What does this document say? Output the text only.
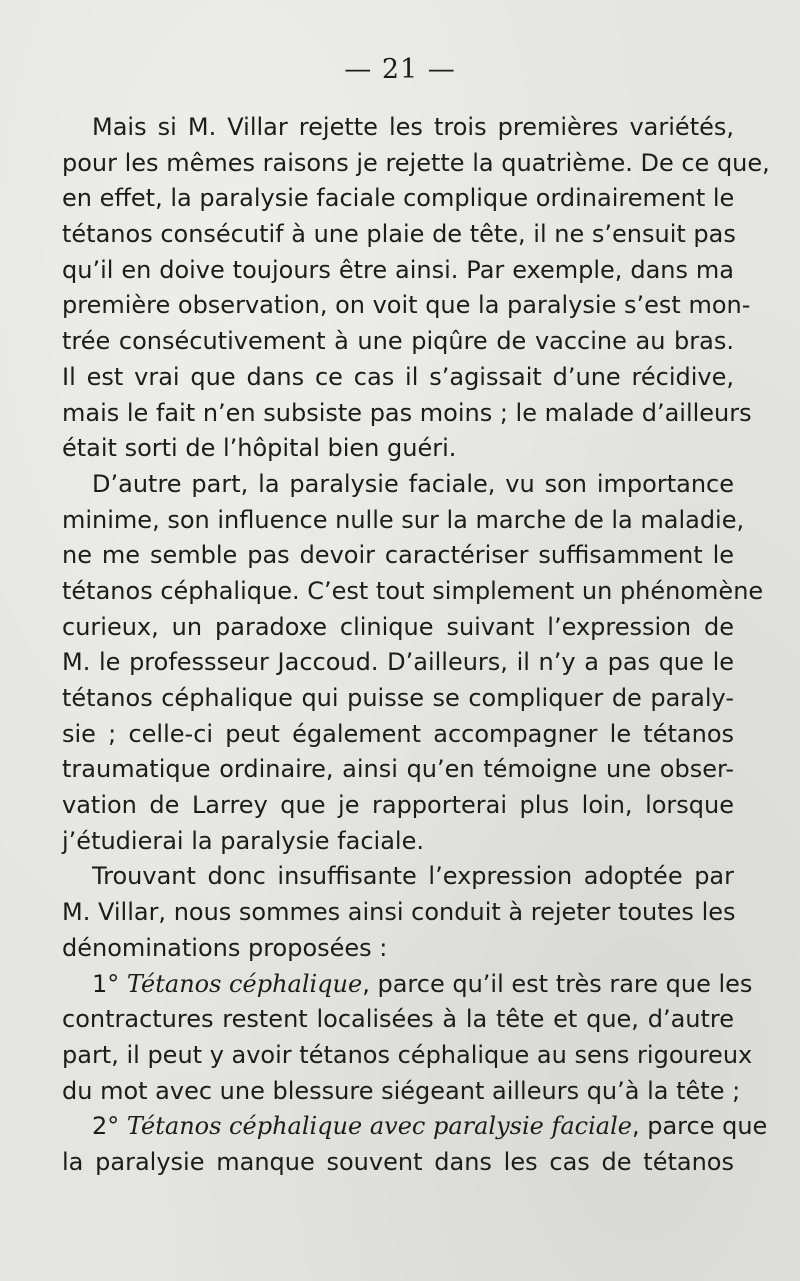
— 21 —
Mais si M. Villar rejette les trois premières variétés,
pour les mêmes raisons je rejette la quatrième. De ce que,
en effet, la paralysie faciale complique ordinairement le
tétanos consécutif à une plaie de tête, il ne s’ensuit pas
qu’il en doive toujours être ainsi. Par exemple, dans ma
première observation, on voit que la paralysie s’est mon-
trée consécutivement à une piqûre de vaccine au bras.
Il est vrai que dans ce cas il s’agissait d’une récidive,
mais le fait n’en subsiste pas moins ; le malade d’ailleurs
était sorti de l’hôpital bien guéri.
D’autre part, la paralysie faciale, vu son importance
minime, son influence nulle sur la marche de la maladie,
ne me semble pas devoir caractériser suffisamment le
tétanos céphalique. C’est tout simplement un phénomène
curieux, un paradoxe clinique suivant l’expression de
M. le professseur Jaccoud. D’ailleurs, il n’y a pas que le
tétanos céphalique qui puisse se compliquer de paraly-
sie ; celle-ci peut également accompagner le tétanos
traumatique ordinaire, ainsi qu’en témoigne une obser-
vation de Larrey que je rapporterai plus loin, lorsque
j’étudierai la paralysie faciale.
Trouvant donc insuffisante l’expression adoptée par
M. Villar, nous sommes ainsi conduit à rejeter toutes les
dénominations proposées :
1° Tétanos céphalique, parce qu’il est très rare que les
contractures restent localisées à la tête et que, d’autre
part, il peut y avoir tétanos céphalique au sens rigoureux
du mot avec une blessure siégeant ailleurs qu’à la tête ;
2° Tétanos céphalique avec paralysie faciale, parce que
la paralysie manque souvent dans les cas de tétanos
